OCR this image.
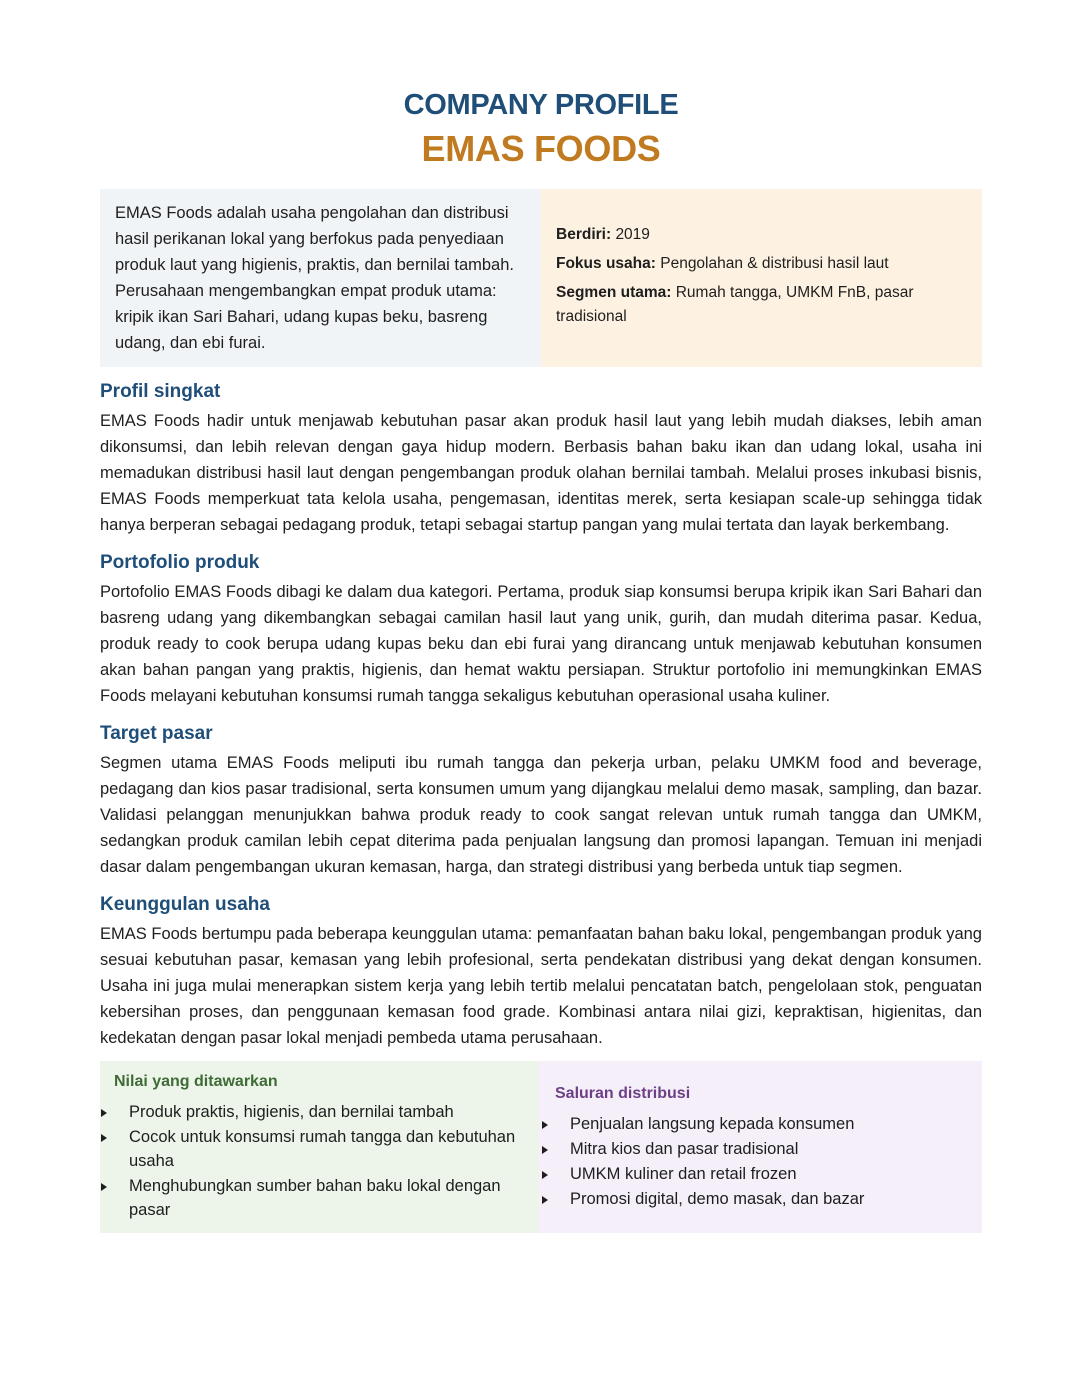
COMPANY PROFILE
EMAS FOODS
EMAS Foods adalah usaha pengolahan dan distribusi hasil perikanan lokal yang berfokus pada penyediaan produk laut yang higienis, praktis, dan bernilai tambah. Perusahaan mengembangkan empat produk utama: kripik ikan Sari Bahari, udang kupas beku, basreng udang, dan ebi furai.
Berdiri: 2019
Fokus usaha: Pengolahan & distribusi hasil laut
Segmen utama: Rumah tangga, UMKM FnB, pasar tradisional
Profil singkat

EMAS Foods hadir untuk menjawab kebutuhan pasar akan produk hasil laut yang lebih mudah diakses, lebih aman dikonsumsi, dan lebih relevan dengan gaya hidup modern. Berbasis bahan baku ikan dan udang lokal, usaha ini memadukan distribusi hasil laut dengan pengembangan produk olahan bernilai tambah. Melalui proses inkubasi bisnis, EMAS Foods memperkuat tata kelola usaha, pengemasan, identitas merek, serta kesiapan scale-up sehingga tidak hanya berperan sebagai pedagang produk, tetapi sebagai startup pangan yang mulai tertata dan layak berkembang.

Portofolio produk

Portofolio EMAS Foods dibagi ke dalam dua kategori. Pertama, produk siap konsumsi berupa kripik ikan Sari Bahari dan basreng udang yang dikembangkan sebagai camilan hasil laut yang unik, gurih, dan mudah diterima pasar. Kedua, produk ready to cook berupa udang kupas beku dan ebi furai yang dirancang untuk menjawab kebutuhan konsumen akan bahan pangan yang praktis, higienis, dan hemat waktu persiapan. Struktur portofolio ini memungkinkan EMAS Foods melayani kebutuhan konsumsi rumah tangga sekaligus kebutuhan operasional usaha kuliner.

Target pasar

Segmen utama EMAS Foods meliputi ibu rumah tangga dan pekerja urban, pelaku UMKM food and beverage, pedagang dan kios pasar tradisional, serta konsumen umum yang dijangkau melalui demo masak, sampling, dan bazar. Validasi pelanggan menunjukkan bahwa produk ready to cook sangat relevan untuk rumah tangga dan UMKM, sedangkan produk camilan lebih cepat diterima pada penjualan langsung dan promosi lapangan. Temuan ini menjadi dasar dalam pengembangan ukuran kemasan, harga, dan strategi distribusi yang berbeda untuk tiap segmen.

Keunggulan usaha

EMAS Foods bertumpu pada beberapa keunggulan utama: pemanfaatan bahan baku lokal, pengembangan produk yang sesuai kebutuhan pasar, kemasan yang lebih profesional, serta pendekatan distribusi yang dekat dengan konsumen. Usaha ini juga mulai menerapkan sistem kerja yang lebih tertib melalui pencatatan batch, pengelolaan stok, penguatan kebersihan proses, dan penggunaan kemasan food grade. Kombinasi antara nilai gizi, kepraktisan, higienitas, dan kedekatan dengan pasar lokal menjadi pembeda utama perusahaan.

Nilai yang ditawarkan
Produk praktis, higienis, dan bernilai tambah
Cocok untuk konsumsi rumah tangga dan kebutuhan usaha
Menghubungkan sumber bahan baku lokal dengan pasar
Saluran distribusi
Penjualan langsung kepada konsumen
Mitra kios dan pasar tradisional
UMKM kuliner dan retail frozen
Promosi digital, demo masak, dan bazar
